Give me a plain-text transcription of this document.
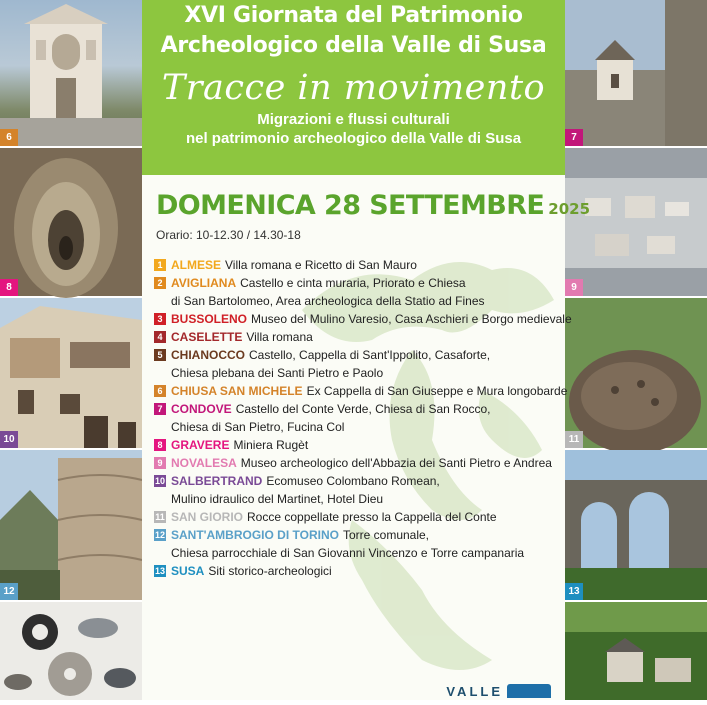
6
8
10
12
7
9
11
13
XVI Giornata del Patrimonio
Archeologico della Valle di Susa
Tracce in movimento
Migrazioni e flussi culturali
nel patrimonio archeologico della Valle di Susa
DOMENICA 28 SETTEMBRE 2025
Orario: 10-12.30 / 14.30-18
1 ALMESE Villa romana e Ricetto di San Mauro
2 AVIGLIANA Castello e cinta muraria, Priorato e Chiesa
di San Bartolomeo, Area archeologica della Statio ad Fines
3 BUSSOLENO Museo del Mulino Varesio, Casa Aschieri e Borgo medievale
4 CASELETTE Villa romana
5 CHIANOCCO Castello, Cappella di Sant'Ippolito, Casaforte,
Chiesa plebana dei Santi Pietro e Paolo
6 CHIUSA SAN MICHELE Ex Cappella di San Giuseppe e Mura longobarde
7 CONDOVE Castello del Conte Verde, Chiesa di San Rocco,
Chiesa di San Pietro, Fucina Col
8 GRAVERE Miniera Rugèt
9 NOVALESA Museo archeologico dell'Abbazia dei Santi Pietro e Andrea
10 SALBERTRAND Ecomuseo Colombano Romean,
Mulino idraulico del Martinet, Hotel Dieu
11 SAN GIORIO Rocce coppellate presso la Cappella del Conte
12 SANT'AMBROGIO DI TORINO Torre comunale,
Chiesa parrocchiale di San Giovanni Vincenzo e Torre campanaria
13 SUSA Siti storico-archeologici
VALLE
